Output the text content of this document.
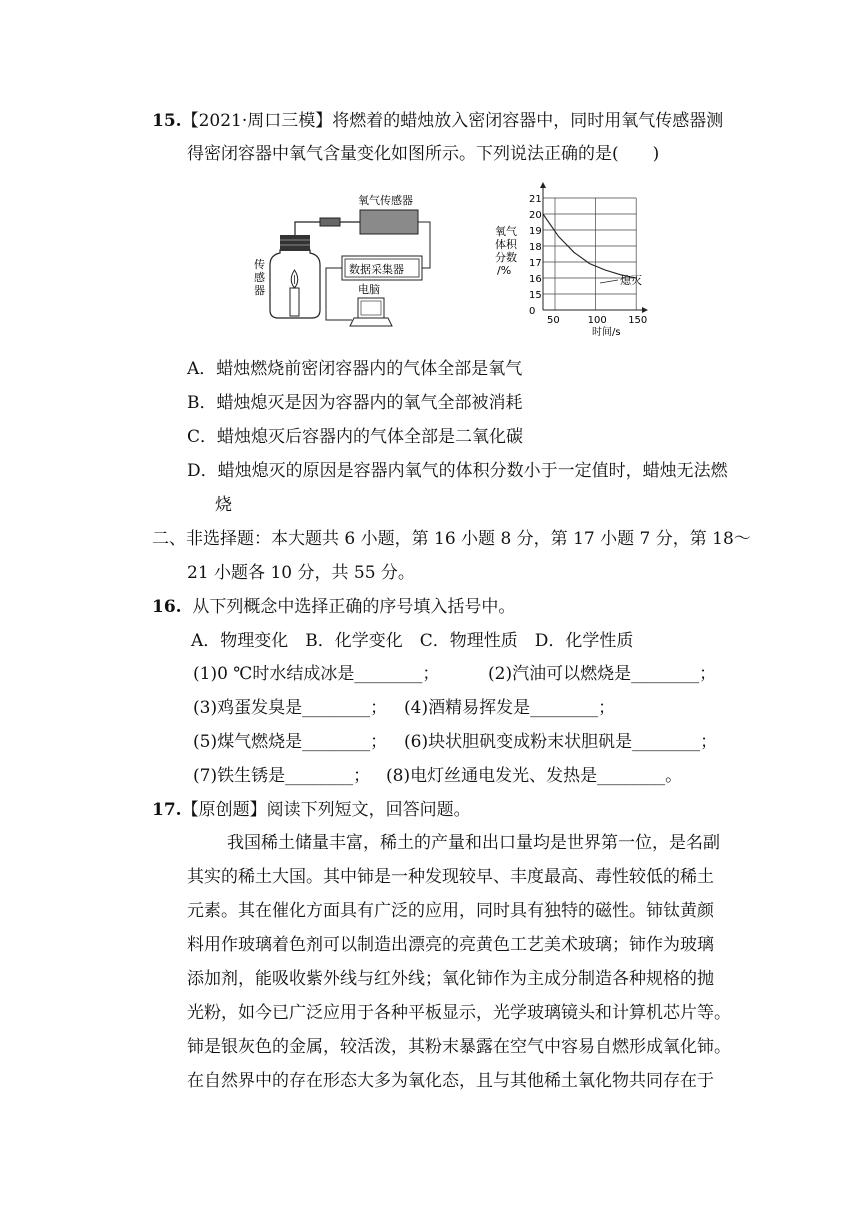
15.【2021·周口三模】将燃着的蜡烛放入密闭容器中，同时用氧气传感器测
得密闭容器中氧气含量变化如图所示。下列说法正确的是(　　)
传
感
器
氧气传感器
数据采集器
电脑
氧气
体积
分数
/%
21
20
19
18
17
16
15
0
50	100 150
熄灭
时间/s
A．蜡烛燃烧前密闭容器内的气体全部是氧气
B．蜡烛熄灭是因为容器内的氧气全部被消耗
C．蜡烛熄灭后容器内的气体全部是二氧化碳
D．蜡烛熄灭的原因是容器内氧气的体积分数小于一定值时，蜡烛无法燃
烧
二、非选择题：本大题共 6 小题，第 16 小题 8 分，第 17 小题 7 分，第 18～
21 小题各 10 分，共 55 分。
16. 从下列概念中选择正确的序号填入括号中。
A．物理变化　B．化学变化　C．物理性质　D．化学性质
(1)0 ℃时水结成冰是________；	(2)汽油可以燃烧是________；
(3)鸡蛋发臭是________； (4)酒精易挥发是________；
(5)煤气燃烧是________； (6)块状胆矾变成粉末状胆矾是________；
(7)铁生锈是________； (8)电灯丝通电发光、发热是________。
17.【原创题】阅读下列短文，回答问题。
我国稀土储量丰富，稀土的产量和出口量均是世界第一位，是名副
其实的稀土大国。其中铈是一种发现较早、丰度最高、毒性较低的稀土
元素。其在催化方面具有广泛的应用，同时具有独特的磁性。铈钛黄颜
料用作玻璃着色剂可以制造出漂亮的亮黄色工艺美术玻璃；铈作为玻璃
添加剂，能吸收紫外线与红外线；氧化铈作为主成分制造各种规格的抛
光粉，如今已广泛应用于各种平板显示，光学玻璃镜头和计算机芯片等。
铈是银灰色的金属，较活泼，其粉末暴露在空气中容易自燃形成氧化铈。
在自然界中的存在形态大多为氧化态，且与其他稀土氧化物共同存在于
